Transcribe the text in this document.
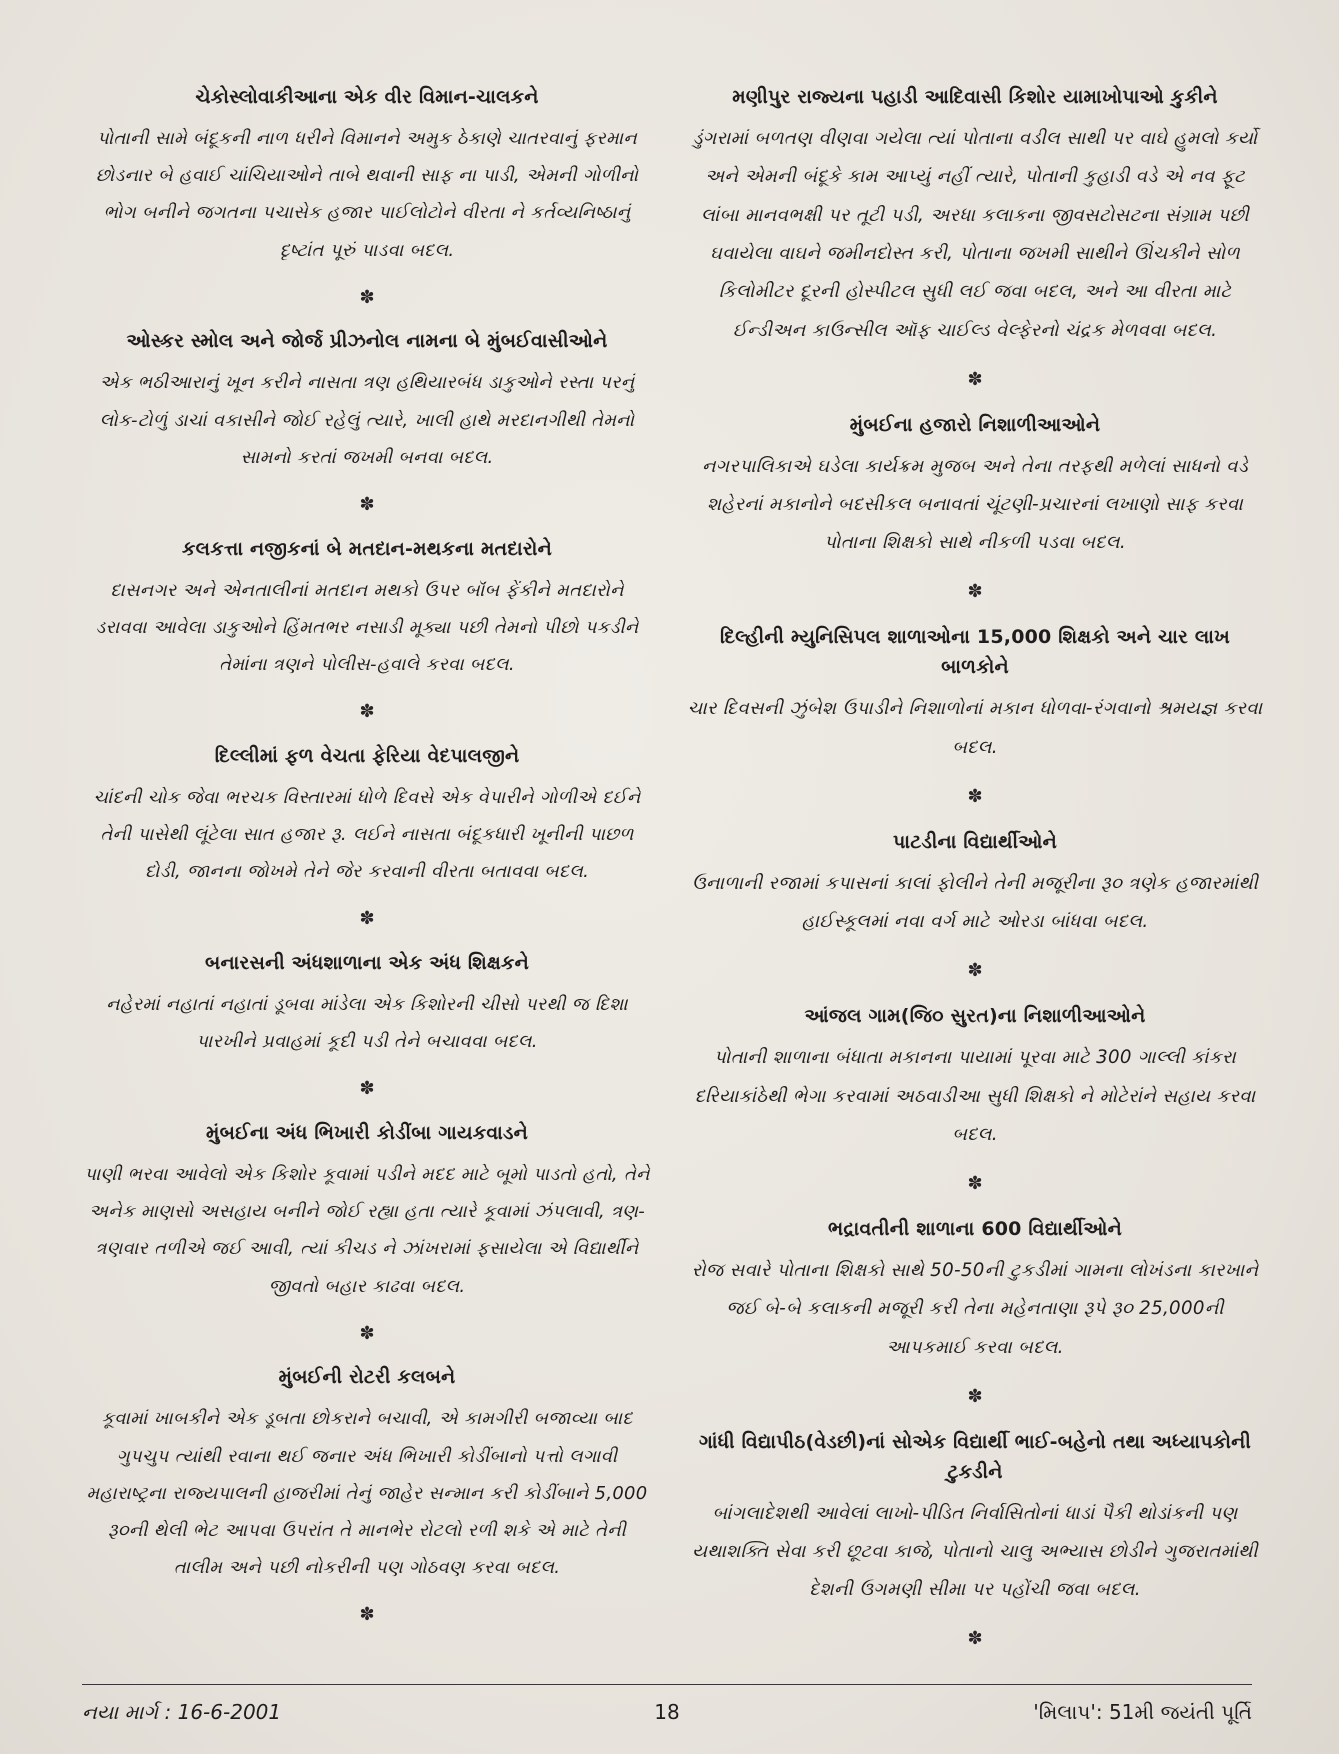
ચેકોસ્લોવાકીઆના એક વીર વિમાન-ચાલકને

પોતાની સામે બંદૂકની નાળ ધરીને વિમાનને અમુક ઠેકાણે ચાતરવાનું ફરમાન છોડનાર બે હવાઈ ચાંચિયાઓને તાબે થવાની સાફ ના પાડી, એમની ગોળીનો ભોગ બનીને જગતના પચાસેક હજાર પાઈલોટોને વીરતા ને કર્તવ્યનિષ્ઠાનું દૃષ્ટાંત પૂરું પાડવા બદલ.

✽
ઓસ્કર સ્મોલ અને જોર્જ પ્રીઝનોલ નામના બે મુંબઈવાસીઓને

એક ભઠીઆરાનું ખૂન કરીને નાસતા ત્રણ હથિયારબંધ ડાકુઓને રસ્તા પરનું લોક-ટોળું ડાચાં વકાસીને જોઈ રહેલું ત્યારે, ખાલી હાથે મરદાનગીથી તેમનો સામનો કરતાં જખમી બનવા બદલ.

✽
કલકત્તા નજીકનાં બે મતદાન-મથકના મતદારોને

દાસનગર અને એનતાલીનાં મતદાન મથકો ઉપર બૉંબ ફેંકીને મતદારોને ડરાવવા આવેલા ડાકુઓને હિંમતભર નસાડી મૂક્યા પછી તેમનો પીછો પકડીને તેમાંના ત્રણને પોલીસ-હવાલે કરવા બદલ.

✽
દિલ્લીમાં ફળ વેચતા ફેરિયા વેદપાલજીને

ચાંદની ચોક જેવા ભરચક વિસ્તારમાં ધોળે દિવસે એક વેપારીને ગોળીએ દઈને તેની પાસેથી લૂંટેલા સાત હજાર રૂ. લઈને નાસતા બંદૂકધારી ખૂનીની પાછળ દોડી, જાનના જોખમે તેને જેર કરવાની વીરતા બતાવવા બદલ.

✽
બનારસની અંધશાળાના એક અંધ શિક્ષકને

નહેરમાં નહાતાં નહાતાં ડૂબવા માંડેલા એક કિશોરની ચીસો પરથી જ દિશા પારખીને પ્રવાહમાં કૂદી પડી તેને બચાવવા બદલ.

✽
મુંબઈના અંધ ભિખારી કોડીંબા ગાયકવાડને

પાણી ભરવા આવેલો એક કિશોર કૂવામાં પડીને મદદ માટે બૂમો પાડતો હતો, તેને અનેક માણસો અસહાય બનીને જોઈ રહ્યા હતા ત્યારે કૂવામાં ઝંપલાવી, ત્રણ-ત્રણવાર તળીએ જઈ આવી, ત્યાં કીચડ ને ઝાંખરામાં ફસાયેલા એ વિદ્યાર્થીને જીવતો બહાર કાઢવા બદલ.

✽
મુંબઈની રોટરી કલબને

કૂવામાં ખાબકીને એક ડૂબતા છોકરાને બચાવી, એ કામગીરી બજાવ્યા બાદ ગુપચુપ ત્યાંથી રવાના થઈ જનાર અંધ ભિખારી કોડીંબાનો પત્તો લગાવી મહારાષ્ટ્રના રાજ્યપાલની હાજરીમાં તેનું જાહેર સન્માન કરી કોડીંબાને 5,000 રૂ૦ની થેલી ભેટ આપવા ઉપરાંત તે માનભેર રોટલો રળી શકે એ માટે તેની તાલીમ અને પછી નોકરીની પણ ગોઠવણ કરવા બદલ.

✽
મણીપુર રાજ્યના પહાડી આદિવાસી કિશોર યામાખોપાઓ કુકીને

ડુંગરામાં બળતણ વીણવા ગયેલા ત્યાં પોતાના વડીલ સાથી પર વાઘે હુમલો કર્યો અને એમની બંદૂકે કામ આપ્યું નહીં ત્યારે, પોતાની કુહાડી વડે એ નવ ફૂટ લાંબા માનવભક્ષી પર તૂટી પડી, અરધા કલાકના જીવસટોસટના સંગ્રામ પછી ઘવાયેલા વાઘને જમીનદોસ્ત કરી, પોતાના જખમી સાથીને ઊંચકીને સોળ કિલોમીટર દૂરની હોસ્પીટલ સુધી લઈ જવા બદલ, અને આ વીરતા માટે ઈન્ડીઅન કાઉન્સીલ ઑફ ચાઈલ્ડ વેલ્ફેરનો ચંદ્રક મેળવવા બદલ.

✽
મુંબઈના હજારો નિશાળીઆઓને

નગરપાલિકાએ ઘડેલા કાર્યક્રમ મુજબ અને તેના તરફથી મળેલાં સાધનો વડે શહેરનાં મકાનોને બદસીકલ બનાવતાં ચૂંટણી-પ્રચારનાં લખાણો સાફ કરવા પોતાના શિક્ષકો સાથે નીકળી પડવા બદલ.

✽
દિલ્હીની મ્યુનિસિપલ શાળાઓના 15,000 શિક્ષકો અને ચાર લાખ બાળકોને

ચાર દિવસની ઝુંબેશ ઉપાડીને નિશાળોનાં મકાન ધોળવા-રંગવાનો શ્રમયજ્ઞ કરવા બદલ.

✽
પાટડીના વિદ્યાર્થીઓને

ઉનાળાની રજામાં કપાસનાં કાલાં ફોલીને તેની મજૂરીના રૂ૦ ત્રણેક હજારમાંથી હાઈસ્કૂલમાં નવા વર્ગ માટે ઓરડા બાંધવા બદલ.

✽
આંજલ ગામ(જિ૦ સુરત)ના નિશાળીઆઓને

પોતાની શાળાના બંધાતા મકાનના પાયામાં પૂરવા માટે 300 ગાલ્લી કાંકરા દરિયાકાંઠેથી ભેગા કરવામાં અઠવાડીઆ સુધી શિક્ષકો ને મોટેરાંને સહાય કરવા બદલ.

✽
ભદ્રાવતીની શાળાના 600 વિદ્યાર્થીઓને

રોજ સવારે પોતાના શિક્ષકો સાથે 50-50ની ટુકડીમાં ગામના લોખંડના કારખાને જઈ બે-બે કલાકની મજૂરી કરી તેના મહેનતાણા રૂપે રૂ૦ 25,000ની આપકમાઈ કરવા બદલ.

✽
ગાંધી વિદ્યાપીઠ(વેડછી)નાં સોએક વિદ્યાર્થી ભાઈ-બહેનો તથા અધ્યાપકોની ટુકડીને

બાંગલાદેશથી આવેલાં લાખો-પીડિત નિર્વાસિતોનાં ધાડાં પૈકી થોડાંકની પણ યથાશક્તિ સેવા કરી છૂટવા કાજે, પોતાનો ચાલુ અભ્યાસ છોડીને ગુજરાતમાંથી દેશની ઉગમણી સીમા પર પહોંચી જવા બદલ.

✽
નયા માર્ગ : 16-6-2001	18	'મિલાપ': 51મી જયંતી પૂર્તિ
